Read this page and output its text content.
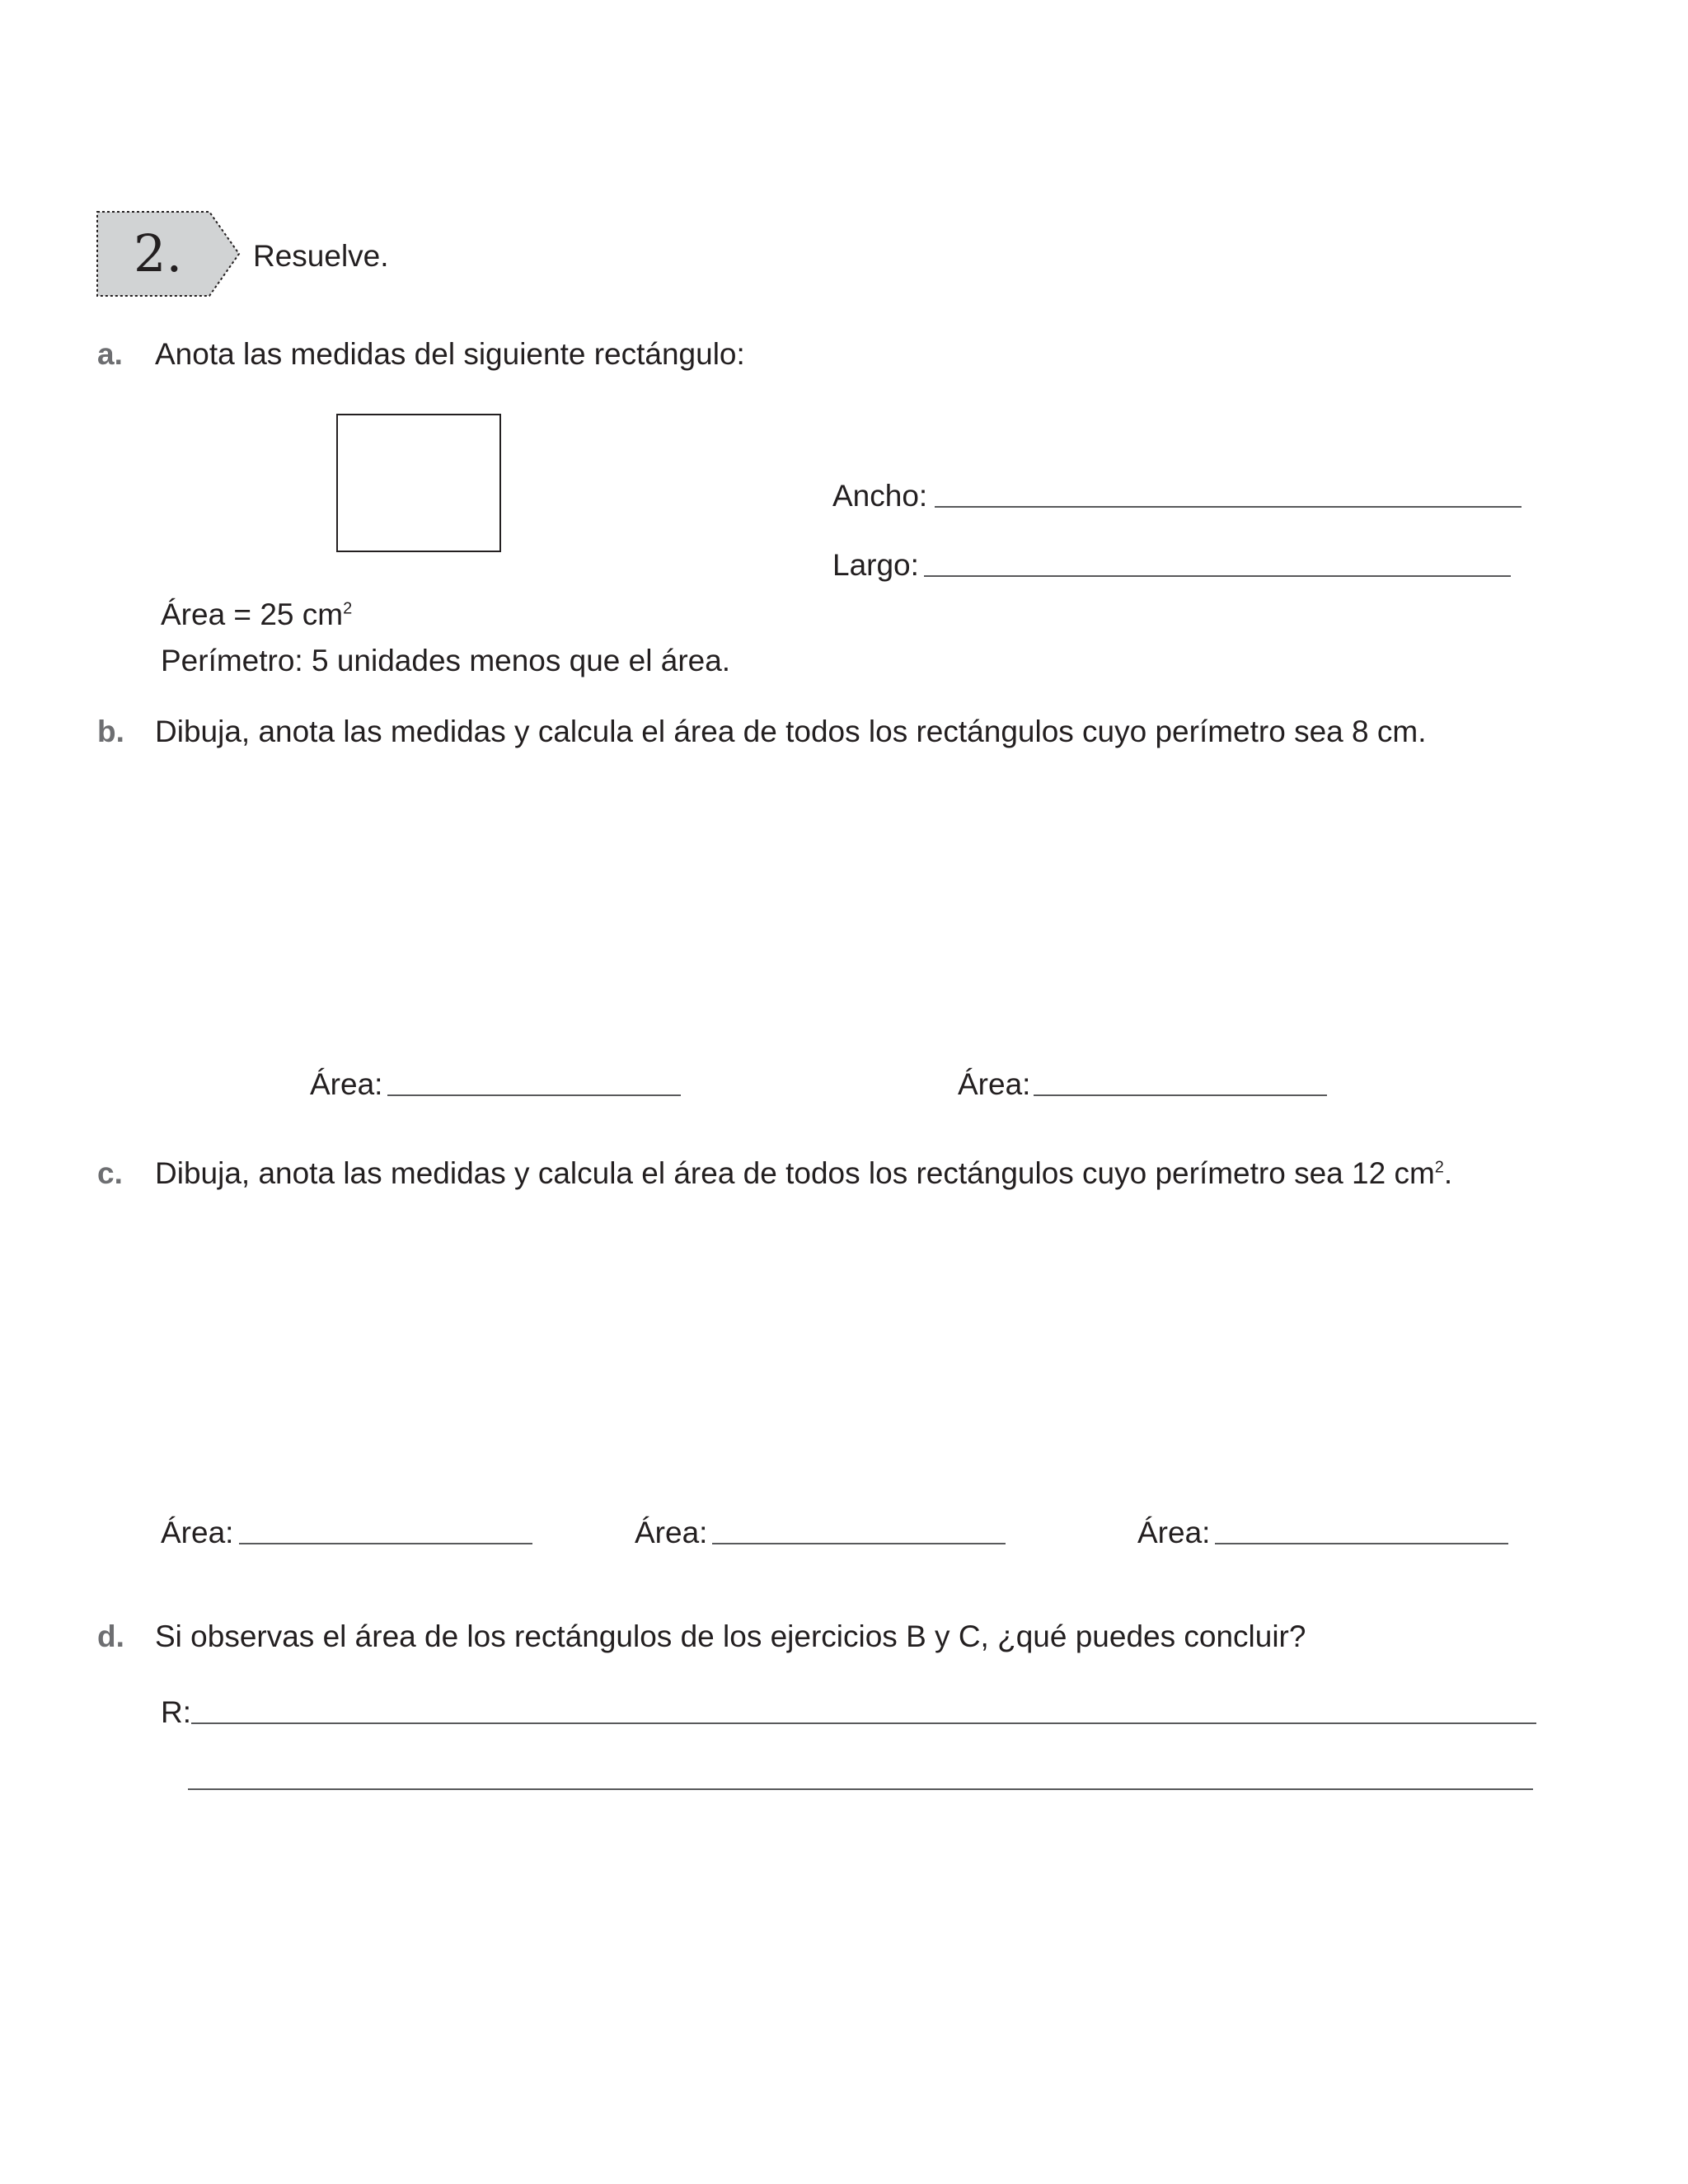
2. Resuelve.
a. Anota las medidas del siguiente rectángulo:
Ancho:
Largo:
Área = 25 $cm^2$
Perímetro: 5 unidades menos que el área.
b. Dibuja, anota las medidas y calcula el área de todos los rectángulos cuyo perímetro sea 8 cm.
Área:	Área:
c. Dibuja, anota las medidas y calcula el área de todos los rectángulos cuyo perímetro sea 12 $cm^2$.
Área:	Área:	Área:
d. Si observas el área de los rectángulos de los ejercicios B y C, ¿qué puedes concluir?
R:
